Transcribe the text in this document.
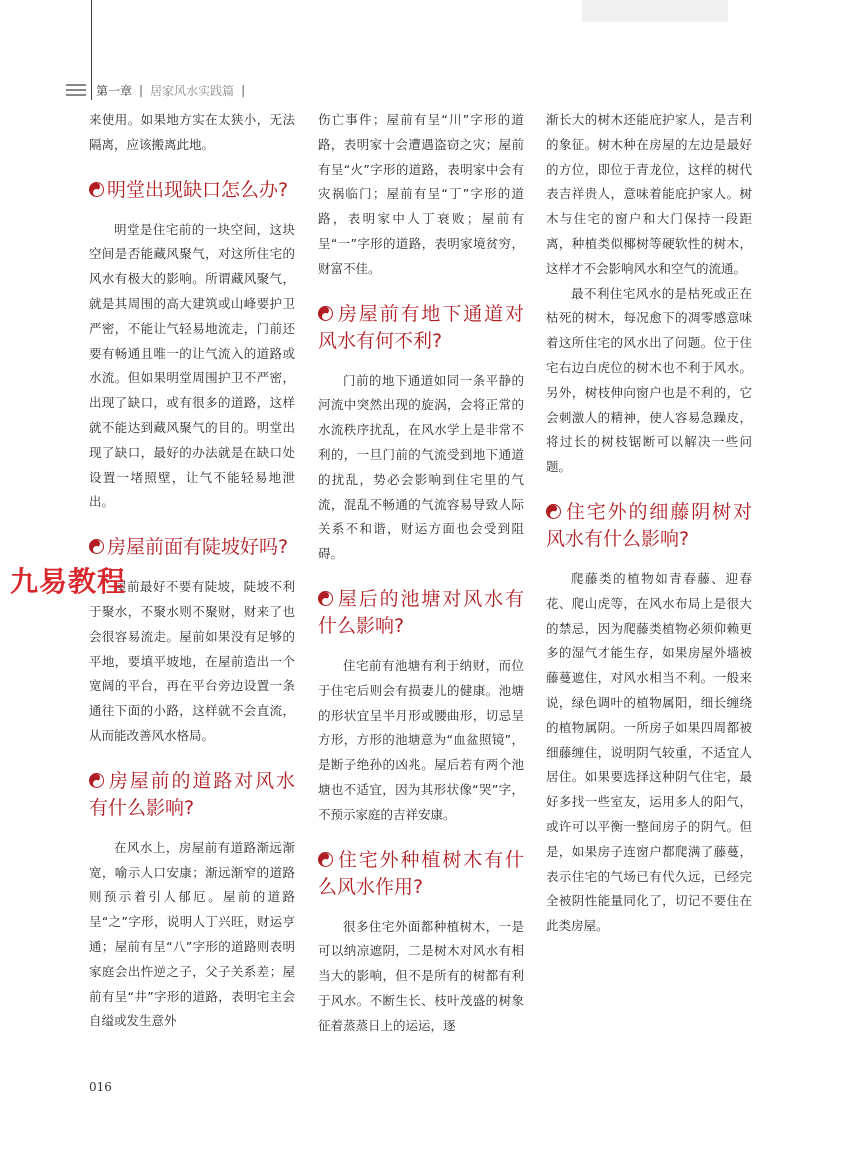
第一章 | 居家风水实践篇 |

来使用。如果地方实在太狭小，无法隔离，应该搬离此地。

明堂出现缺口怎么办?

明堂是住宅前的一块空间，这块空间是否能藏风聚气，对这所住宅的风水有极大的影响。所谓藏风聚气，就是其周围的高大建筑或山峰要护卫严密，不能让气轻易地流走，门前还要有畅通且唯一的让气流入的道路或水流。但如果明堂周围护卫不严密，出现了缺口，或有很多的道路，这样就不能达到藏风聚气的目的。明堂出现了缺口，最好的办法就是在缺口处设置一堵照壁，让气不能轻易地泄出。

房屋前面有陡坡好吗?

屋前最好不要有陡坡，陡坡不利于聚水，不聚水则不聚财，财来了也会很容易流走。屋前如果没有足够的平地，要填平坡地，在屋前造出一个宽阔的平台，再在平台旁边设置一条通往下面的小路，这样就不会直流，从而能改善风水格局。

房屋前的道路对风水有什么影响?

在风水上，房屋前有道路渐远渐宽，喻示人口安康；渐远渐窄的道路则预示着引人郁厄。屋前的道路呈“之”字形，说明人丁兴旺，财运亨通；屋前有呈“八”字形的道路则表明家庭会出忤逆之子，父子关系差；屋前有呈“井”字形的道路，表明宅主会自缢或发生意外

伤亡事件；屋前有呈“川”字形的道路，表明家十会遭遇盗窃之灾；屋前有呈“火”字形的道路，表明家中会有灾祸临门；屋前有呈“丁”字形的道路，表明家中人丁衰败；屋前有呈“一”字形的道路，表明家境贫穷，财富不佳。

房屋前有地下通道对风水有何不利?

门前的地下通道如同一条平静的河流中突然出现的旋涡，会将正常的水流秩序扰乱，在风水学上是非常不利的，一旦门前的气流受到地下通道的扰乱，势必会影响到住宅里的气流，混乱不畅通的气流容易导致人际关系不和谐，财运方面也会受到阻碍。

屋后的池塘对风水有什么影响?

住宅前有池塘有利于纳财，而位于住宅后则会有损妻儿的健康。池塘的形状宜呈半月形或腰曲形，切忌呈方形，方形的池塘意为“血盆照镜”，是断子绝孙的凶兆。屋后若有两个池塘也不适宜，因为其形状像“哭”字，不预示家庭的吉祥安康。

住宅外种植树木有什么风水作用?

很多住宅外面都种植树木，一是可以纳凉遮阴，二是树木对风水有相当大的影响，但不是所有的树都有利于风水。不断生长、枝叶茂盛的树象征着蒸蒸日上的运运，逐

渐长大的树木还能庇护家人，是吉利的象征。树木种在房屋的左边是最好的方位，即位于青龙位，这样的树代表吉祥贵人，意味着能庇护家人。树木与住宅的窗户和大门保持一段距离，种植类似椰树等硬软性的树木，这样才不会影响风水和空气的流通。

最不利住宅风水的是枯死或正在枯死的树木，每况愈下的凋零感意味着这所住宅的风水出了问题。位于住宅右边白虎位的树木也不利于风水。另外，树枝伸向窗户也是不利的，它会刺激人的精神，使人容易急躁皮，将过长的树枝锯断可以解决一些问题。

住宅外的细藤阴树对风水有什么影响?

爬藤类的植物如青春藤、迎春花、爬山虎等，在风水布局上是很大的禁忌，因为爬藤类植物必须仰赖更多的湿气才能生存，如果房屋外墙被藤蔓遮住，对风水相当不利。一般来说，绿色调叶的植物属阳，细长缠绕的植物属阴。一所房子如果四周都被细藤缠住，说明阴气较重，不适宜人居住。如果要选择这种阴气住宅，最好多找一些室友，运用多人的阳气，或许可以平衡一整间房子的阴气。但是，如果房子连窗户都爬满了藤蔓，表示住宅的气场已有代久远，已经完全被阴性能量同化了，切记不要住在此类房屋。

九易教程
016
